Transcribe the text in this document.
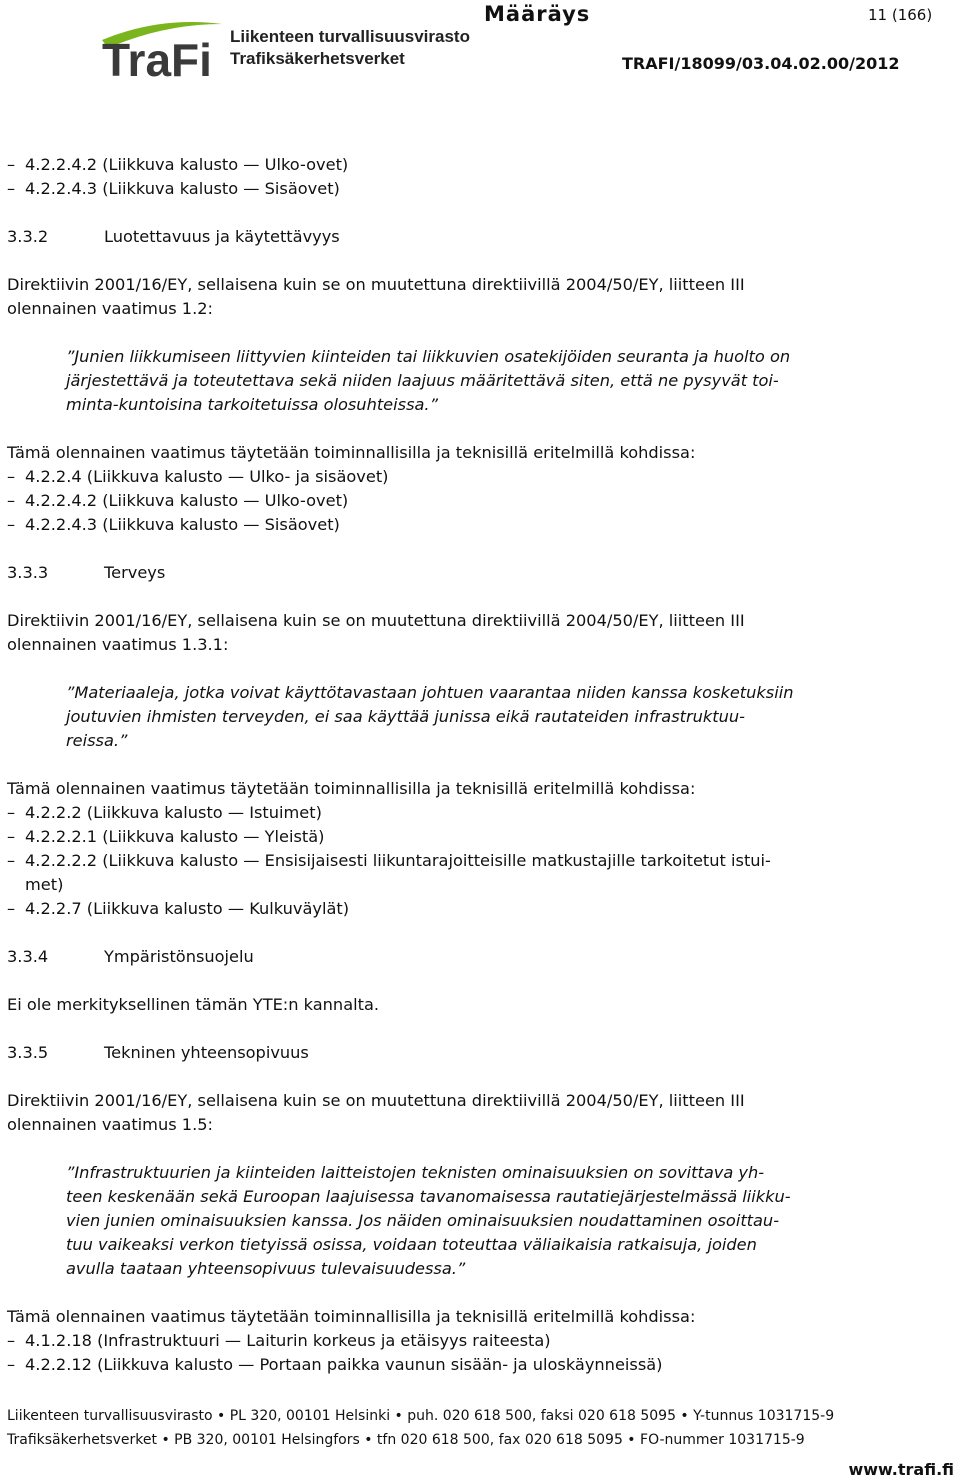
TraFi Liikenteen turvallisuusvirasto
Trafiksäkerhetsverket
Määräys	11 (166)
TRAFI/18099/03.04.02.00/2012
– 4.2.2.4.2 (Liikkuva kalusto — Ulko-ovet)
– 4.2.2.4.3 (Liikkuva kalusto — Sisäovet)
3.3.2	Luotettavuus ja käytettävyys
Direktiivin 2001/16/EY, sellaisena kuin se on muutettuna direktiivillä 2004/50/EY, liitteen III
olennainen vaatimus 1.2:
”Junien liikkumiseen liittyvien kiinteiden tai liikkuvien osatekijöiden seuranta ja huolto on
järjestettävä ja toteutettava sekä niiden laajuus määritettävä siten, että ne pysyvät toi-
minta-kuntoisina tarkoitetuissa olosuhteissa.”
Tämä olennainen vaatimus täytetään toiminnallisilla ja teknisillä eritelmillä kohdissa:
– 4.2.2.4 (Liikkuva kalusto — Ulko- ja sisäovet)
– 4.2.2.4.2 (Liikkuva kalusto — Ulko-ovet)
– 4.2.2.4.3 (Liikkuva kalusto — Sisäovet)
3.3.3	Terveys
Direktiivin 2001/16/EY, sellaisena kuin se on muutettuna direktiivillä 2004/50/EY, liitteen III
olennainen vaatimus 1.3.1:
”Materiaaleja, jotka voivat käyttötavastaan johtuen vaarantaa niiden kanssa kosketuksiin
joutuvien ihmisten terveyden, ei saa käyttää junissa eikä rautateiden infrastruktuu-
reissa.”
Tämä olennainen vaatimus täytetään toiminnallisilla ja teknisillä eritelmillä kohdissa:
– 4.2.2.2 (Liikkuva kalusto — Istuimet)
– 4.2.2.2.1 (Liikkuva kalusto — Yleistä)
– 4.2.2.2.2 (Liikkuva kalusto — Ensisijaisesti liikuntarajoitteisille matkustajille tarkoitetut istui-
met)
– 4.2.2.7 (Liikkuva kalusto — Kulkuväylät)
3.3.4	Ympäristönsuojelu
Ei ole merkityksellinen tämän YTE:n kannalta.
3.3.5	Tekninen yhteensopivuus
Direktiivin 2001/16/EY, sellaisena kuin se on muutettuna direktiivillä 2004/50/EY, liitteen III
olennainen vaatimus 1.5:
”Infrastruktuurien ja kiinteiden laitteistojen teknisten ominaisuuksien on sovittava yh-
teen keskenään sekä Euroopan laajuisessa tavanomaisessa rautatiejärjestelmässä liikku-
vien junien ominaisuuksien kanssa. Jos näiden ominaisuuksien noudattaminen osoittau-
tuu vaikeaksi verkon tietyissä osissa, voidaan toteuttaa väliaikaisia ratkaisuja, joiden
avulla taataan yhteensopivuus tulevaisuudessa.”
Tämä olennainen vaatimus täytetään toiminnallisilla ja teknisillä eritelmillä kohdissa:
– 4.1.2.18 (Infrastruktuuri — Laiturin korkeus ja etäisyys raiteesta)
– 4.2.2.12 (Liikkuva kalusto — Portaan paikka vaunun sisään- ja uloskäynneissä)
Liikenteen turvallisuusvirasto • PL 320, 00101 Helsinki • puh. 020 618 500, faksi 020 618 5095 • Y-tunnus 1031715-9
Trafiksäkerhetsverket • PB 320, 00101 Helsingfors • tfn 020 618 500, fax 020 618 5095 • FO-nummer 1031715-9
www.trafi.fi
